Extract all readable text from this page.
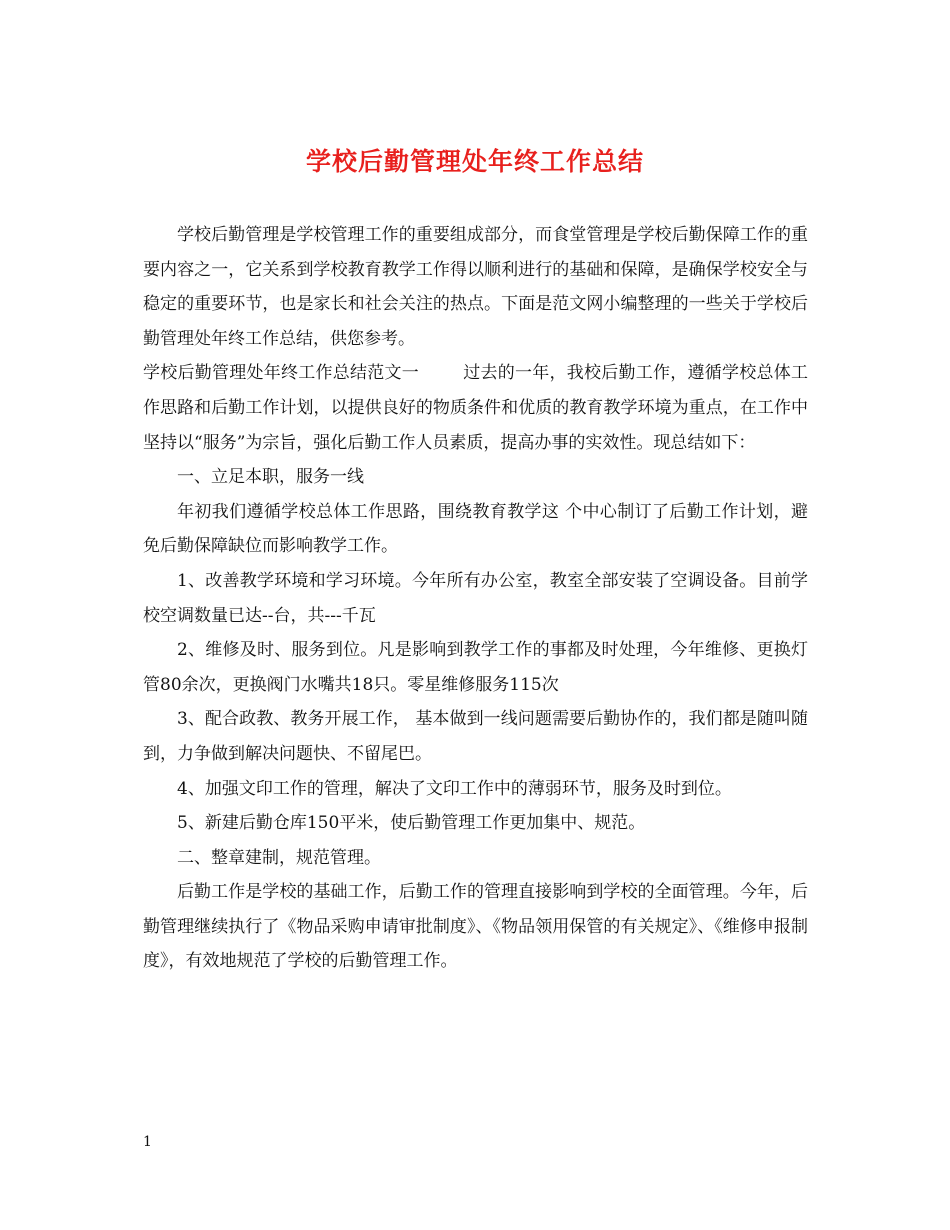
学校后勤管理处年终工作总结

学校后勤管理是学校管理工作的重要组成部分，而食堂管理是学校后勤保障工作的重要内容之一，它关系到学校教育教学工作得以顺利进行的基础和保障，是确保学校安全与稳定的重要环节，也是家长和社会关注的热点。下面是范文网小编整理的一些关于学校后勤管理处年终工作总结，供您参考。

学校后勤管理处年终工作总结范文一	过去的一年，我校后勤工作，遵循学校总体工作思路和后勤工作计划，以提供良好的物质条件和优质的教育教学环境为重点，在工作中坚持以“服务”为宗旨，强化后勤工作人员素质，提高办事的实效性。现总结如下：

一、立足本职，服务一线

年初我们遵循学校总体工作思路，围绕教育教学这 个中心制订了后勤工作计划，避免后勤保障缺位而影响教学工作。

1、改善教学环境和学习环境。今年所有办公室，教室全部安装了空调设备。目前学校空调数量已达--台，共---千瓦

2、维修及时、服务到位。凡是影响到教学工作的事都及时处理，今年维修、更换灯管80余次，更换阀门水嘴共18只。零星维修服务115次

3、配合政教、教务开展工作， 基本做到一线问题需要后勤协作的，我们都是随叫随到，力争做到解决问题快、不留尾巴。

4、加强文印工作的管理，解决了文印工作中的薄弱环节，服务及时到位。

5、新建后勤仓库150平米，使后勤管理工作更加集中、规范。

二、整章建制，规范管理。

后勤工作是学校的基础工作，后勤工作的管理直接影响到学校的全面管理。今年，后勤管理继续执行了《物品采购申请审批制度》、《物品领用保管的有关规定》、《维修申报制度》，有效地规范了学校的后勤管理工作。

1
